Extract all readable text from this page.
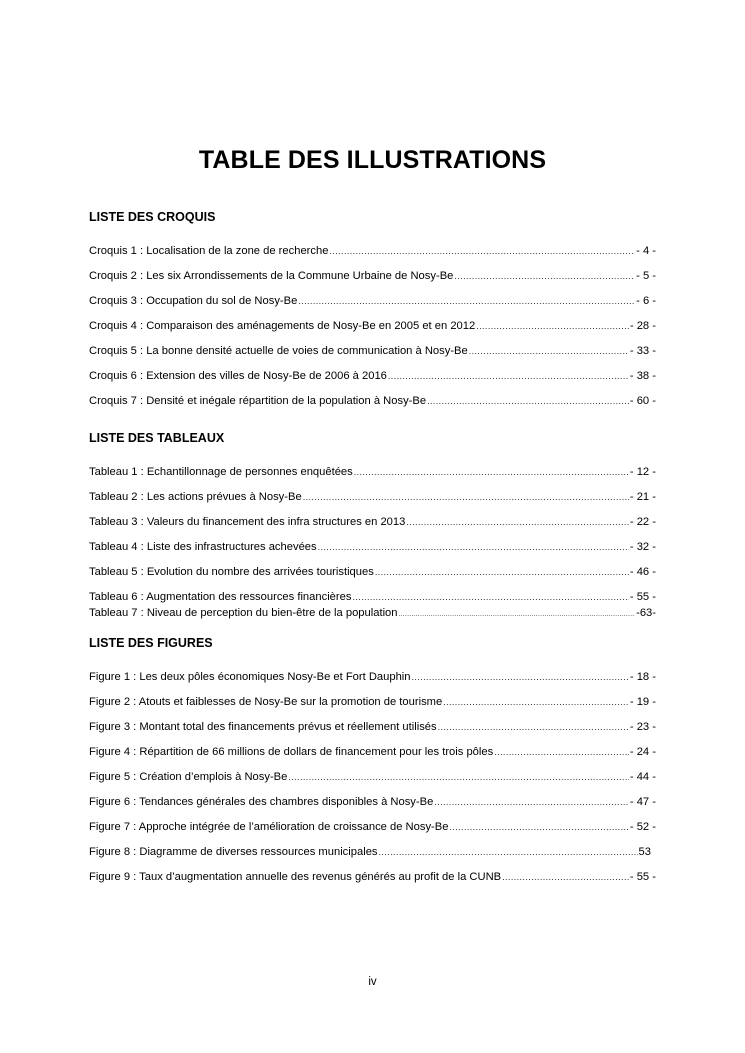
TABLE DES ILLUSTRATIONS
LISTE DES CROQUIS
Croquis 1 : Localisation de la zone de recherche .....	- 4 -
Croquis 2 : Les six Arrondissements de la Commune Urbaine de Nosy-Be .....	- 5 -
Croquis 3 : Occupation du sol de Nosy-Be .....	- 6 -
Croquis 4 : Comparaison des aménagements de Nosy-Be en 2005 et en 2012 .....	- 28 -
Croquis 5 : La bonne densité actuelle de voies de communication à Nosy-Be .....	- 33 -
Croquis 6 : Extension des villes de Nosy-Be de 2006 à 2016 .....	- 38 -
Croquis 7 : Densité et inégale répartition de la population à Nosy-Be .....	- 60 -
LISTE DES TABLEAUX
Tableau 1 : Echantillonnage de personnes enquêtées .....	- 12 -
Tableau 2 : Les actions prévues à Nosy-Be .....	- 21 -
Tableau 3 : Valeurs du financement des infra structures en 2013 .....	- 22 -
Tableau 4 : Liste des infrastructures achevées .....	- 32 -
Tableau 5 : Evolution du nombre des arrivées touristiques .....	- 46 -
Tableau 6 : Augmentation des ressources financières .....	- 55 -
Tableau 7 : Niveau de perception du bien-être de la population .....	-63-
LISTE DES FIGURES
Figure 1 : Les deux pôles économiques Nosy-Be et Fort Dauphin .....	- 18 -
Figure 2 : Atouts et faiblesses de Nosy-Be sur la promotion de tourisme .....	- 19 -
Figure 3 : Montant total des financements prévus et réellement utilisés .....	- 23 -
Figure 4 : Répartition de 66 millions de dollars de financement pour les trois pôles .....	- 24 -
Figure 5 : Création d’emplois à Nosy-Be .....	- 44 -
Figure 6 : Tendances générales des chambres disponibles à Nosy-Be .....	- 47 -
Figure 7 : Approche intégrée de l’amélioration de croissance de Nosy-Be .....	- 52 -
Figure 8 : Diagramme de diverses ressources municipales .....	53
Figure 9 : Taux d’augmentation annuelle des revenus générés au profit de la CUNB .....	- 55 -
iv
